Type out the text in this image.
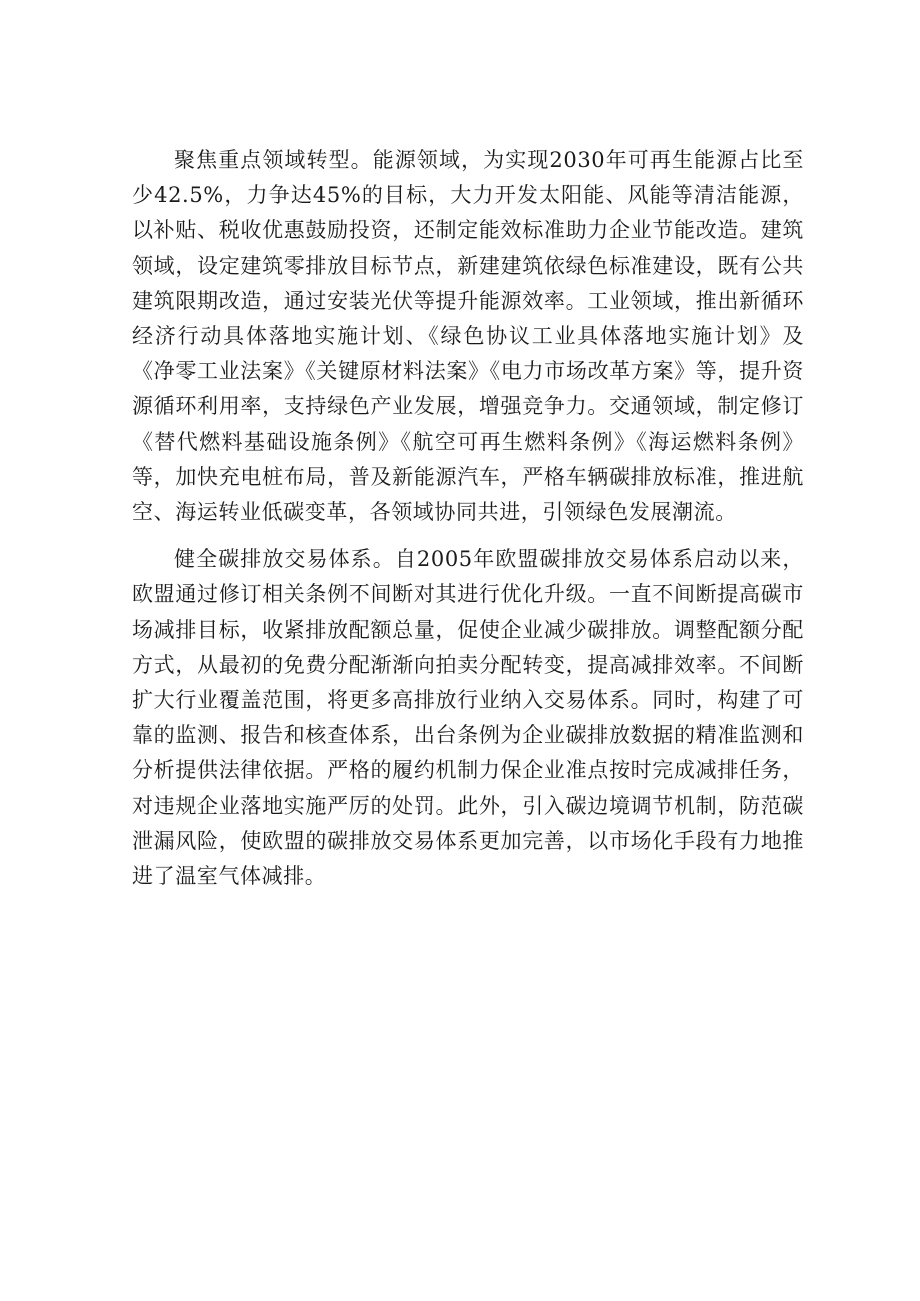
聚焦重点领域转型。能源领域，为实现2030年可再生能源占比至少42.5%，力争达45%的目标，大力开发太阳能、风能等清洁能源，以补贴、税收优惠鼓励投资，还制定能效标准助力企业节能改造。建筑领域，设定建筑零排放目标节点，新建建筑依绿色标准建设，既有公共建筑限期改造，通过安装光伏等提升能源效率。工业领域，推出新循环经济行动具体落地实施计划、《绿色协议工业具体落地实施计划》及《净零工业法案》《关键原材料法案》《电力市场改革方案》等，提升资源循环利用率，支持绿色产业发展，增强竞争力。交通领域，制定修订《替代燃料基础设施条例》《航空可再生燃料条例》《海运燃料条例》等，加快充电桩布局，普及新能源汽车，严格车辆碳排放标准，推进航空、海运转业低碳变革，各领域协同共进，引领绿色发展潮流。

健全碳排放交易体系。自2005年欧盟碳排放交易体系启动以来，欧盟通过修订相关条例不间断对其进行优化升级。一直不间断提高碳市场减排目标，收紧排放配额总量，促使企业减少碳排放。调整配额分配方式，从最初的免费分配渐渐向拍卖分配转变，提高减排效率。不间断扩大行业覆盖范围，将更多高排放行业纳入交易体系。同时，构建了可靠的监测、报告和核查体系，出台条例为企业碳排放数据的精准监测和分析提供法律依据。严格的履约机制力保企业准点按时完成减排任务，对违规企业落地实施严厉的处罚。此外，引入碳边境调节机制，防范碳泄漏风险，使欧盟的碳排放交易体系更加完善，以市场化手段有力地推进了温室气体减排。
